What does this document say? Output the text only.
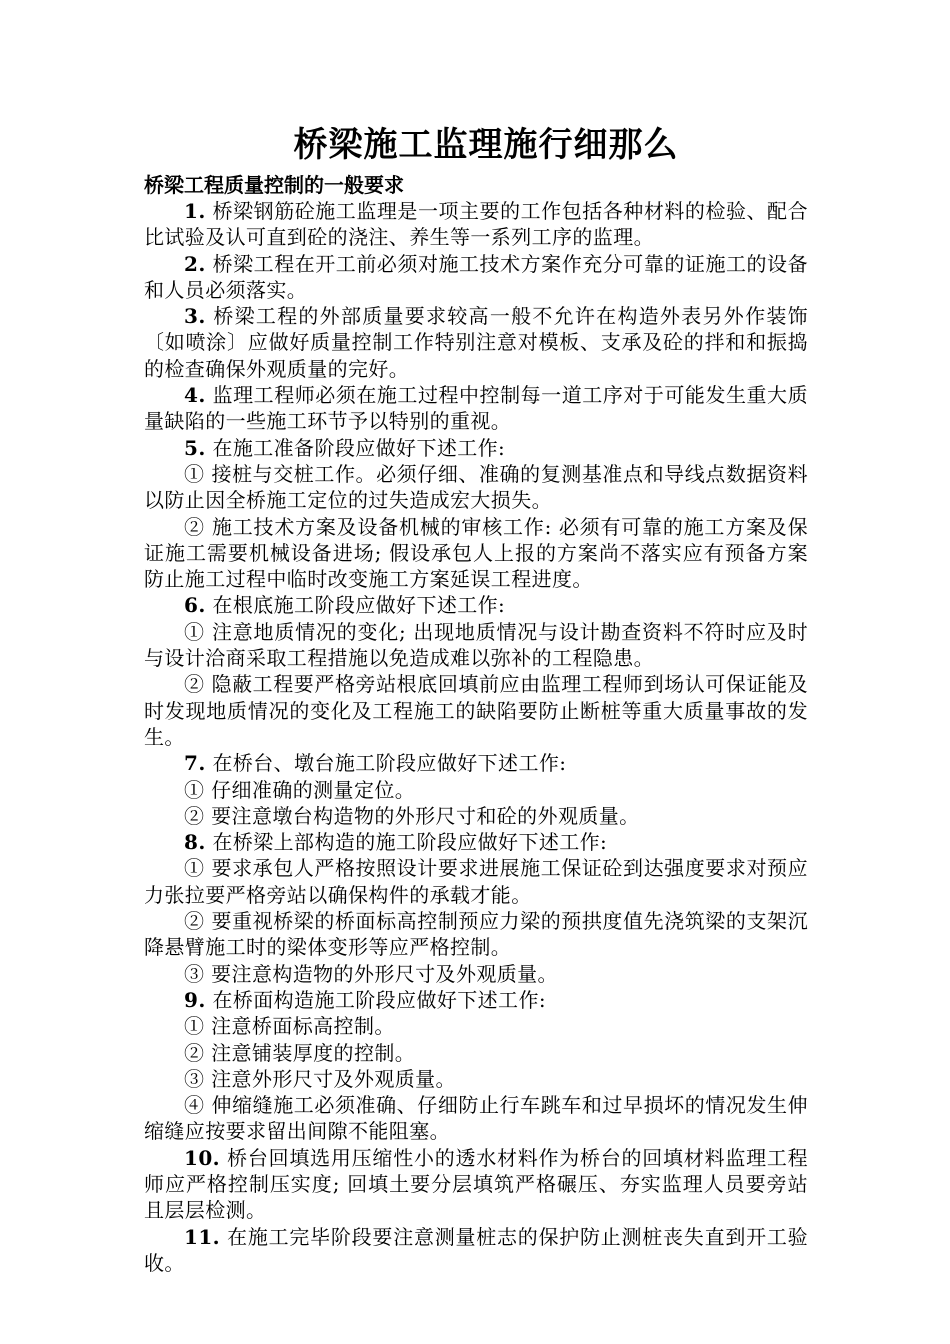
桥梁施工监理施行细那么
桥梁工程质量控制的一般要求

1. 桥梁钢筋砼施工监理是一项主要的工作包括各种材料的检验、配合比试验及认可直到砼的浇注、养生等一系列工序的监理。

2. 桥梁工程在开工前必须对施工技术方案作充分可靠的证施工的设备和人员必须落实。

3. 桥梁工程的外部质量要求较高一般不允许在构造外表另外作装饰〔如喷涂〕应做好质量控制工作特别注意对模板、支承及砼的拌和和振捣的检查确保外观质量的完好。

4. 监理工程师必须在施工过程中控制每一道工序对于可能发生重大质量缺陷的一些施工环节予以特别的重视。

5. 在施工准备阶段应做好下述工作:

① 接桩与交桩工作。必须仔细、准确的复测基准点和导线点数据资料以防止因全桥施工定位的过失造成宏大损失。

② 施工技术方案及设备机械的审核工作: 必须有可靠的施工方案及保证施工需要机械设备进场; 假设承包人上报的方案尚不落实应有预备方案防止施工过程中临时改变施工方案延误工程进度。

6. 在根底施工阶段应做好下述工作:

① 注意地质情况的变化; 出现地质情况与设计勘查资料不符时应及时与设计洽商采取工程措施以免造成难以弥补的工程隐患。

② 隐蔽工程要严格旁站根底回填前应由监理工程师到场认可保证能及时发现地质情况的变化及工程施工的缺陷要防止断桩等重大质量事故的发生。

7. 在桥台、墩台施工阶段应做好下述工作:

① 仔细准确的测量定位。

② 要注意墩台构造物的外形尺寸和砼的外观质量。

8. 在桥梁上部构造的施工阶段应做好下述工作:

① 要求承包人严格按照设计要求进展施工保证砼到达强度要求对预应力张拉要严格旁站以确保构件的承载才能。

② 要重视桥梁的桥面标高控制预应力梁的预拱度值先浇筑梁的支架沉降悬臂施工时的梁体变形等应严格控制。

③ 要注意构造物的外形尺寸及外观质量。

9. 在桥面构造施工阶段应做好下述工作:

① 注意桥面标高控制。

② 注意铺装厚度的控制。

③ 注意外形尺寸及外观质量。

④ 伸缩缝施工必须准确、仔细防止行车跳车和过早损坏的情况发生伸缩缝应按要求留出间隙不能阻塞。

10. 桥台回填选用压缩性小的透水材料作为桥台的回填材料监理工程师应严格控制压实度; 回填土要分层填筑严格碾压、夯实监理人员要旁站且层层检测。

11. 在施工完毕阶段要注意测量桩志的保护防止测桩丧失直到开工验收。
